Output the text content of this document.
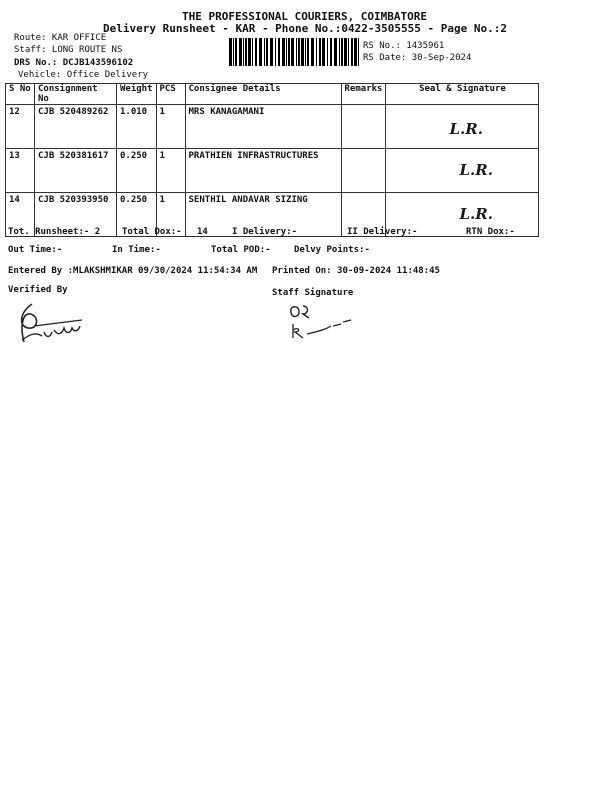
THE PROFESSIONAL COURIERS, COIMBATORE
Delivery Runsheet - KAR - Phone No.:0422-3505555 - Page No.:2
Route: KAR OFFICE
Staff: LONG ROUTE NS
DRS No.: DCJB143596102
Vehicle: Office Delivery
RS No.: 1435961
RS Date: 30-Sep-2024
S No	Consignment No	Weight	PCS	Consignee Details	Remarks	Seal & Signature
12	CJB 520489262	1.010	1	MRS KANAGAMANI		L.R.

13	CJB 520381617	0.250	1	PRATHIEN INFRASTRUCTURES		L.R.

14	CJB 520393950	0.250	1	SENTHIL ANDAVAR SIZING		L.R.
Tot. Runsheet:- 2 Total Dox:- 14	I Delivery:-	II Delivery:-	RTN Dox:-
Out Time:-	In Time:-	Total POD:-	Delvy Points:-
Entered By :MLAKSHMIKAR 09/30/2024 11:54:34 AM Printed On: 30-09-2024 11:48:45
Verified By	Staff Signature
